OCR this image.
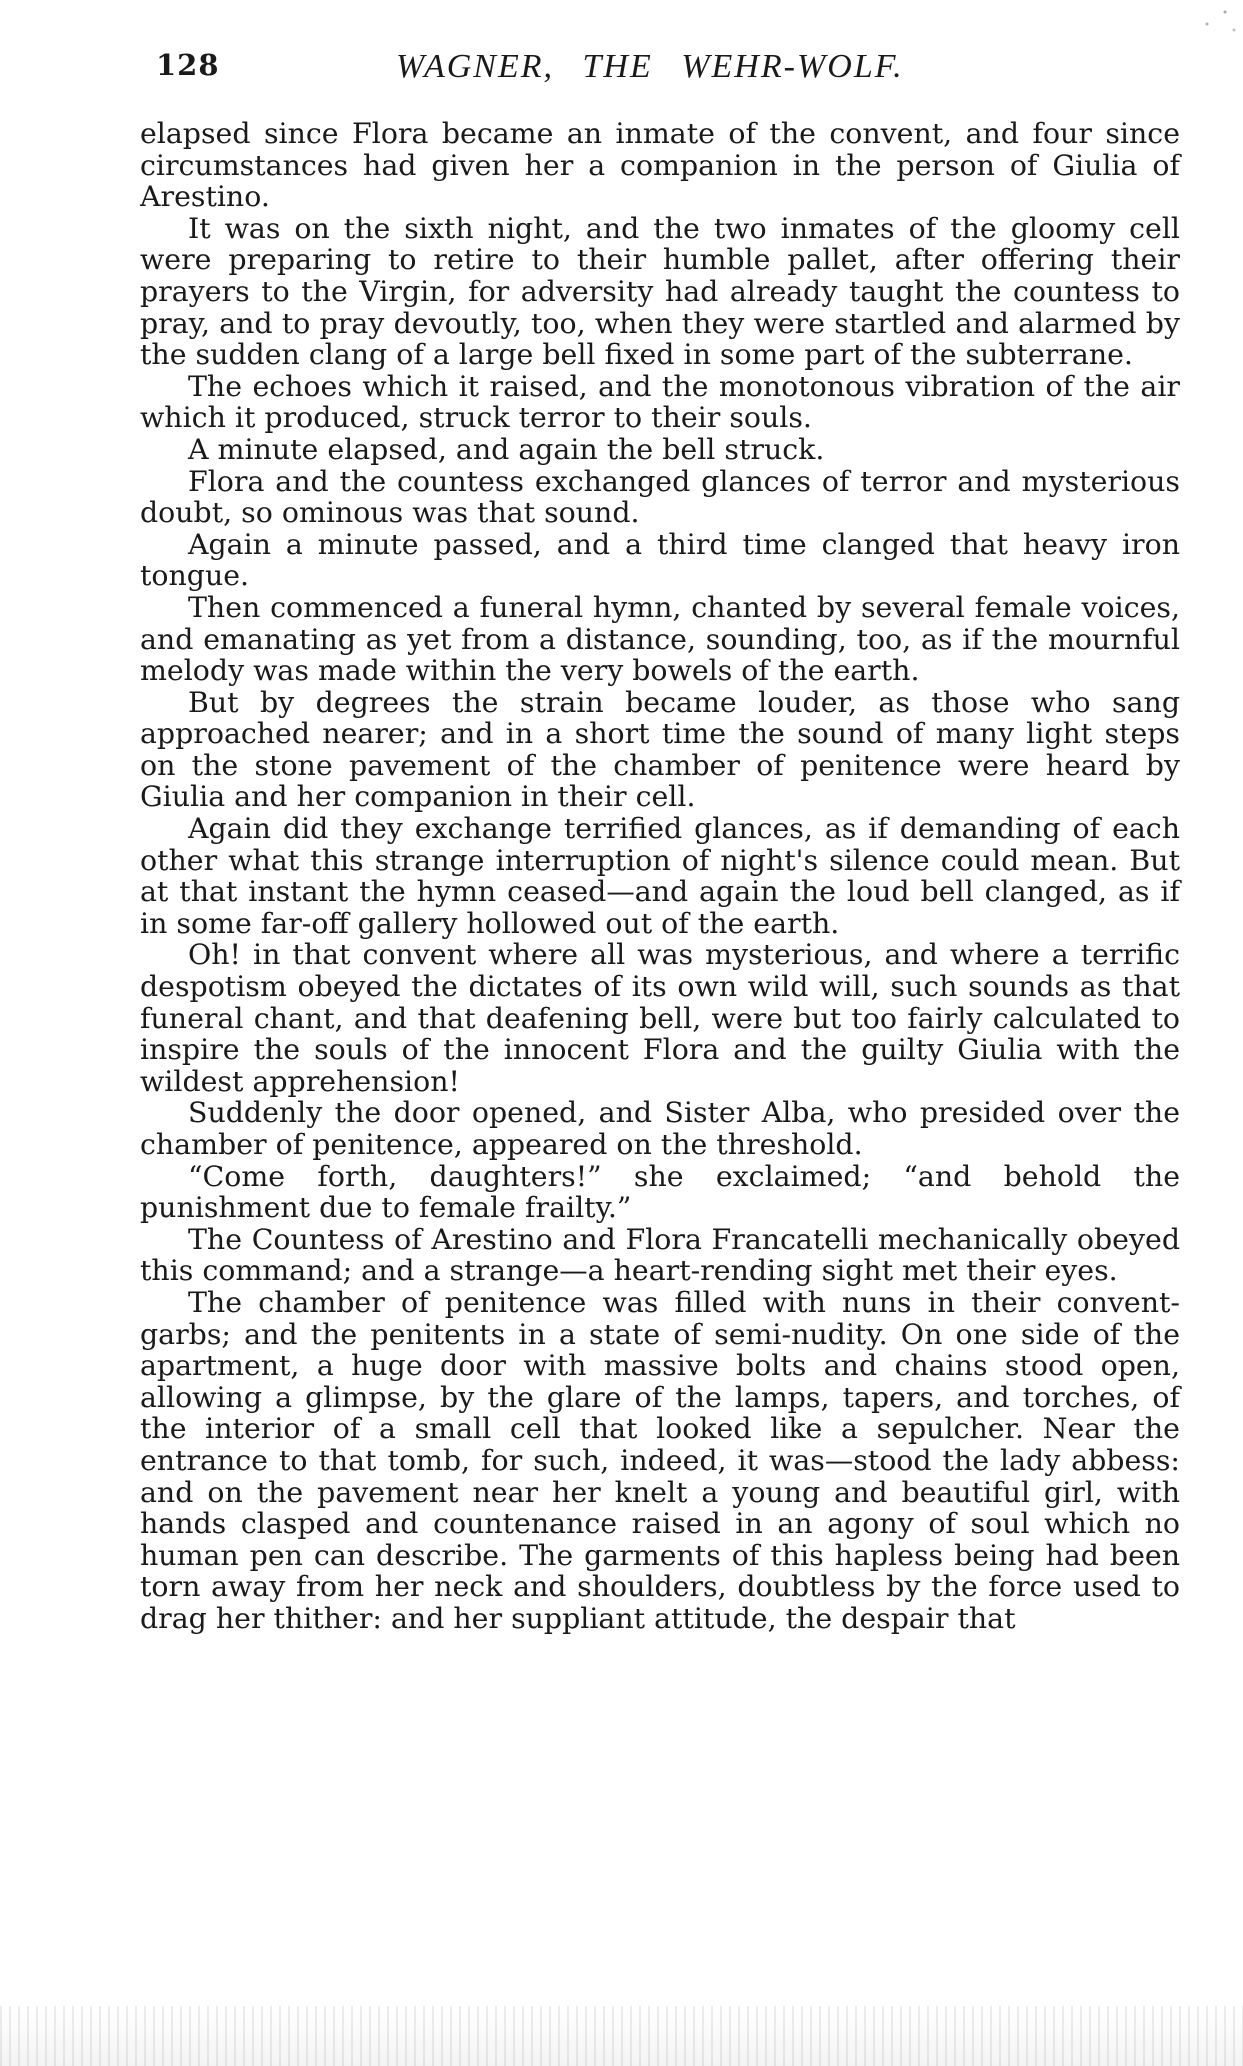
128	WAGNER, THE WEHR-WOLF.

elapsed since Flora became an inmate of the convent, and four since circumstances had given her a companion in the person of Giulia of Arestino.

It was on the sixth night, and the two inmates of the gloomy cell were preparing to retire to their humble pallet, after offering their prayers to the Virgin, for adversity had already taught the countess to pray, and to pray devoutly, too, when they were startled and alarmed by the sudden clang of a large bell fixed in some part of the subterrane.

The echoes which it raised, and the monotonous vibration of the air which it produced, struck terror to their souls.

A minute elapsed, and again the bell struck.

Flora and the countess exchanged glances of terror and mysterious doubt, so ominous was that sound.

Again a minute passed, and a third time clanged that heavy iron tongue.

Then commenced a funeral hymn, chanted by several female voices, and emanating as yet from a distance, sounding, too, as if the mournful melody was made within the very bowels of the earth.

But by degrees the strain became louder, as those who sang approached nearer; and in a short time the sound of many light steps on the stone pavement of the chamber of penitence were heard by Giulia and her companion in their cell.

Again did they exchange terrified glances, as if demanding of each other what this strange interruption of night's silence could mean. But at that instant the hymn ceased—and again the loud bell clanged, as if in some far-off gallery hollowed out of the earth.

Oh! in that convent where all was mysterious, and where a terrific despotism obeyed the dictates of its own wild will, such sounds as that funeral chant, and that deafening bell, were but too fairly calculated to inspire the souls of the innocent Flora and the guilty Giulia with the wildest apprehension!

Suddenly the door opened, and Sister Alba, who presided over the chamber of penitence, appeared on the threshold.

“Come forth, daughters!” she exclaimed; “and behold the punishment due to female frailty.”

The Countess of Arestino and Flora Francatelli mechanically obeyed this command; and a strange—a heart-rending sight met their eyes.

The chamber of penitence was filled with nuns in their convent-garbs; and the penitents in a state of semi-nudity. On one side of the apartment, a huge door with massive bolts and chains stood open, allowing a glimpse, by the glare of the lamps, tapers, and torches, of the interior of a small cell that looked like a sepulcher. Near the entrance to that tomb, for such, indeed, it was—stood the lady abbess: and on the pavement near her knelt a young and beautiful girl, with hands clasped and countenance raised in an agony of soul which no human pen can describe. The garments of this hapless being had been torn away from her neck and shoulders, doubtless by the force used to drag her thither: and her suppliant attitude, the despair that
